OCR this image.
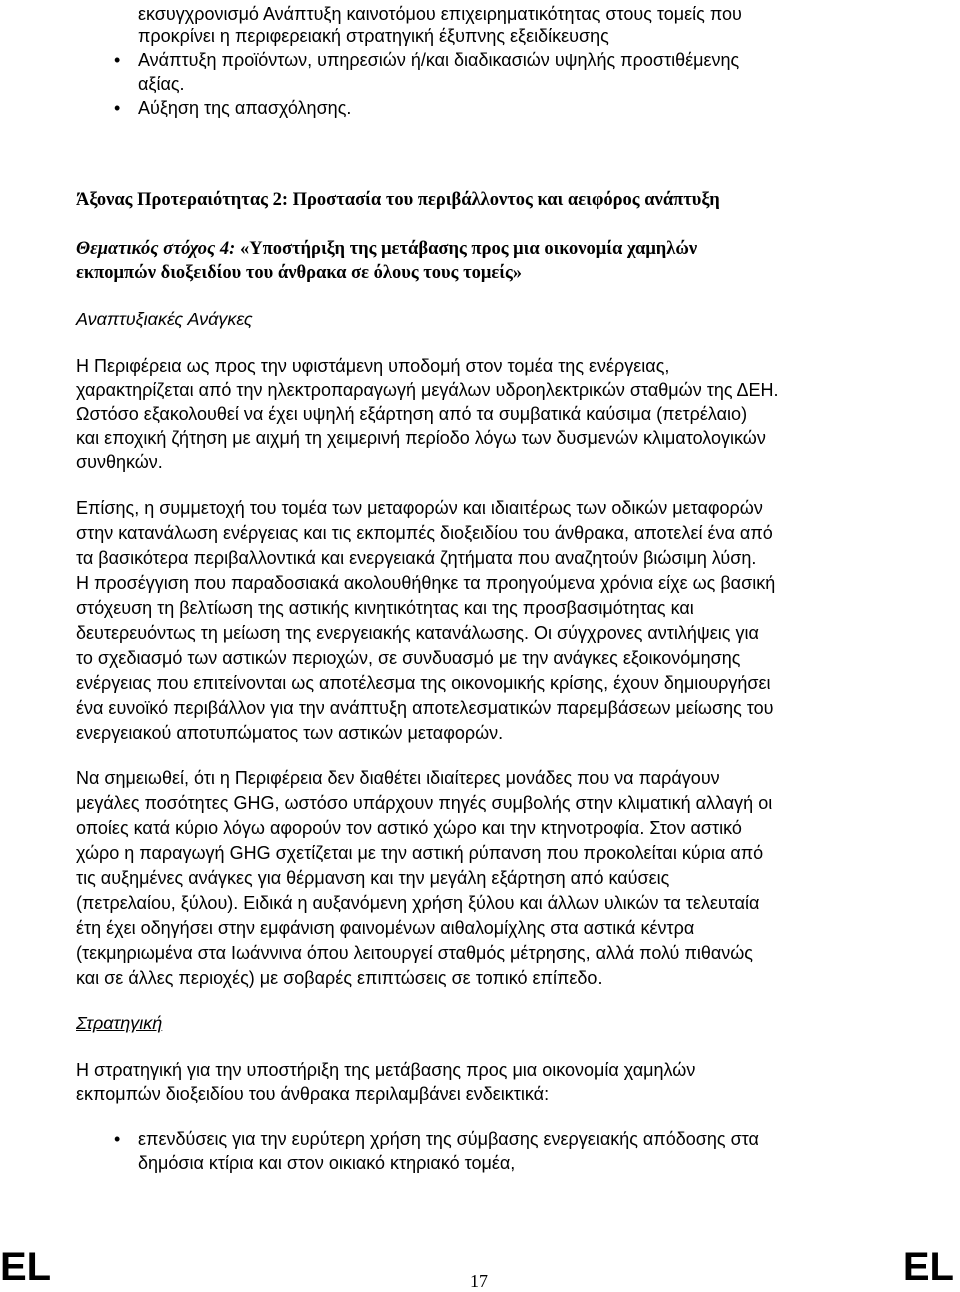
εκσυγχρονισμό Ανάπτυξη καινοτόμου επιχειρηματικότητας στους τομείς που
προκρίνει η περιφερειακή στρατηγική έξυπνης εξειδίκευσης
• Ανάπτυξη προϊόντων, υπηρεσιών ή/και διαδικασιών υψηλής προστιθέμενης
αξίας.
• Αύξηση της απασχόλησης.
Άξονας Προτεραιότητας 2: Προστασία του περιβάλλοντος και αειφόρος ανάπτυξη
Θεματικός στόχος 4: «Υποστήριξη της μετάβασης προς μια οικονομία χαμηλών
εκπομπών διοξειδίου του άνθρακα σε όλους τους τομείς»
Αναπτυξιακές Ανάγκες
Η Περιφέρεια ως προς την υφιστάμενη υποδομή στον τομέα της ενέργειας,
χαρακτηρίζεται από την ηλεκτροπαραγωγή μεγάλων υδροηλεκτρικών σταθμών της ΔΕΗ.
Ωστόσο εξακολουθεί να έχει υψηλή εξάρτηση από τα συμβατικά καύσιμα (πετρέλαιο)
και εποχική ζήτηση με αιχμή τη χειμερινή περίοδο λόγω των δυσμενών κλιματολογικών
συνθηκών.
Επίσης, η συμμετοχή του τομέα των μεταφορών και ιδιαιτέρως των οδικών μεταφορών
στην κατανάλωση ενέργειας και τις εκπομπές διοξειδίου του άνθρακα, αποτελεί ένα από
τα βασικότερα περιβαλλοντικά και ενεργειακά ζητήματα που αναζητούν βιώσιμη λύση.
Η προσέγγιση που παραδοσιακά ακολουθήθηκε τα προηγούμενα χρόνια είχε ως βασική
στόχευση τη βελτίωση της αστικής κινητικότητας και της προσβασιμότητας και
δευτερευόντως τη μείωση της ενεργειακής κατανάλωσης. Οι σύγχρονες αντιλήψεις για
το σχεδιασμό των αστικών περιοχών, σε συνδυασμό με την ανάγκες εξοικονόμησης
ενέργειας που επιτείνονται ως αποτέλεσμα της οικονομικής κρίσης, έχουν δημιουργήσει
ένα ευνοϊκό περιβάλλον για την ανάπτυξη αποτελεσματικών παρεμβάσεων μείωσης του
ενεργειακού αποτυπώματος των αστικών μεταφορών.
Να σημειωθεί, ότι η Περιφέρεια δεν διαθέτει ιδιαίτερες μονάδες που να παράγουν
μεγάλες ποσότητες GHG, ωστόσο υπάρχουν πηγές συμβολής στην κλιματική αλλαγή οι
οποίες κατά κύριο λόγω αφορούν τον αστικό χώρο και την κτηνοτροφία. Στον αστικό
χώρο η παραγωγή GHG σχετίζεται με την αστική ρύπανση που προκολείται κύρια από
τις αυξημένες ανάγκες για θέρμανση και την μεγάλη εξάρτηση από καύσεις
(πετρελαίου, ξύλου). Ειδικά η αυξανόμενη χρήση ξύλου και άλλων υλικών τα τελευταία
έτη έχει οδηγήσει στην εμφάνιση φαινομένων αιθαλομίχλης στα αστικά κέντρα
(τεκμηριωμένα στα Ιωάννινα όπου λειτουργεί σταθμός μέτρησης, αλλά πολύ πιθανώς
και σε άλλες περιοχές) με σοβαρές επιπτώσεις σε τοπικό επίπεδο.
Στρατηγική
Η στρατηγική για την υποστήριξη της μετάβασης προς μια οικονομία χαμηλών
εκπομπών διοξειδίου του άνθρακα περιλαμβάνει ενδεικτικά:
• επενδύσεις για την ευρύτερη χρήση της σύμβασης ενεργειακής απόδοσης στα
δημόσια κτίρια και στον οικιακό κτηριακό τομέα,
EL	17	EL
